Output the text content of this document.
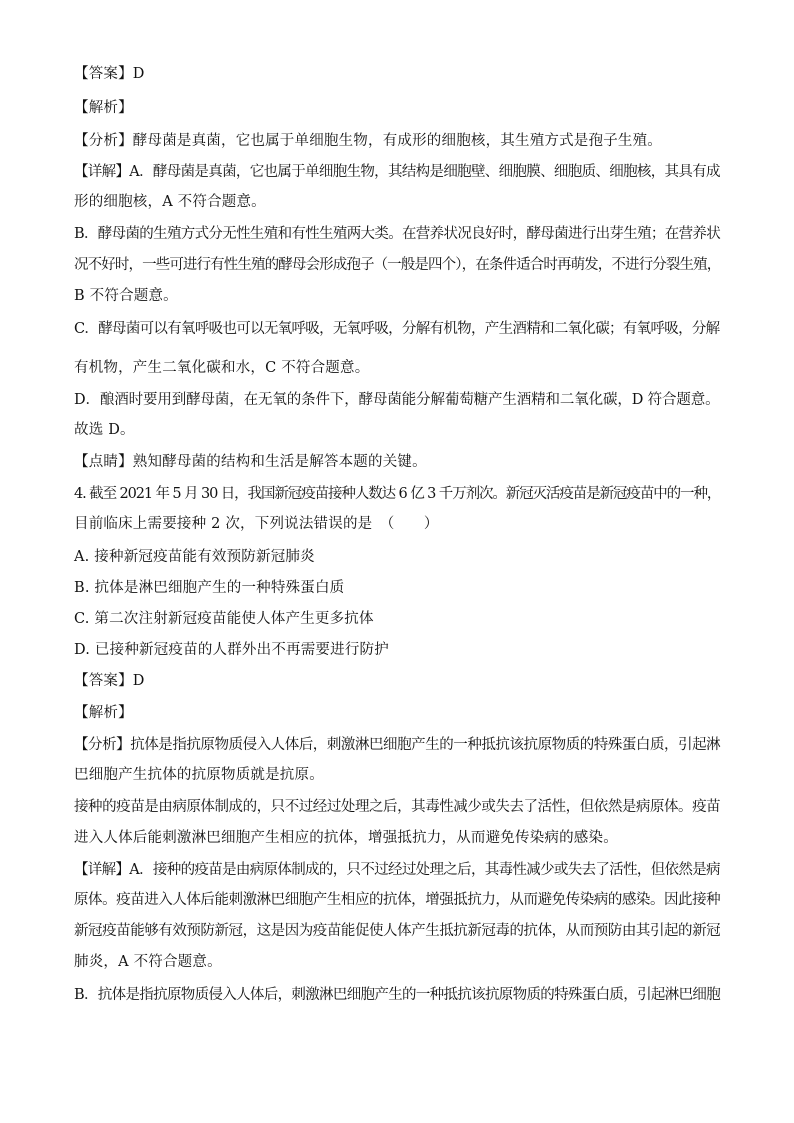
【答案】D
【解析】
【分析】酵母菌是真菌，它也属于单细胞生物，有成形的细胞核，其生殖方式是孢子生殖。
【详解】A．酵母菌是真菌，它也属于单细胞生物，其结构是细胞壁、细胞膜、细胞质、细胞核，其具有成
形的细胞核，A 不符合题意。
B．酵母菌的生殖方式分无性生殖和有性生殖两大类。在营养状况良好时，酵母菌进行出芽生殖；在营养状
况不好时，一些可进行有性生殖的酵母会形成孢子（一般是四个），在条件适合时再萌发，不进行分裂生殖，
B 不符合题意。
C．酵母菌可以有氧呼吸也可以无氧呼吸，无氧呼吸，分解有机物，产生酒精和二氧化碳；有氧呼吸，分解
有机物，产生二氧化碳和水，C 不符合题意。
D．酿酒时要用到酵母菌，在无氧的条件下，酵母菌能分解葡萄糖产生酒精和二氧化碳，D 符合题意。
故选 D。
【点睛】熟知酵母菌的结构和生活是解答本题的关键。
4. 截至 2021 年 5 月 30 日，我国新冠疫苗接种人数达 6 亿 3 千万剂次。新冠灭活疫苗是新冠疫苗中的一种，
目前临床上需要接种 2 次，下列说法错误的是　（　　）
A. 接种新冠疫苗能有效预防新冠肺炎
B. 抗体是淋巴细胞产生的一种特殊蛋白质
C. 第二次注射新冠疫苗能使人体产生更多抗体
D. 已接种新冠疫苗的人群外出不再需要进行防护
【答案】D
【解析】
【分析】抗体是指抗原物质侵入人体后，刺激淋巴细胞产生的一种抵抗该抗原物质的特殊蛋白质，引起淋
巴细胞产生抗体的抗原物质就是抗原。
接种的疫苗是由病原体制成的，只不过经过处理之后，其毒性减少或失去了活性，但依然是病原体。疫苗
进入人体后能刺激淋巴细胞产生相应的抗体，增强抵抗力，从而避免传染病的感染。
【详解】A．接种的疫苗是由病原体制成的，只不过经过处理之后，其毒性减少或失去了活性，但依然是病
原体。疫苗进入人体后能刺激淋巴细胞产生相应的抗体，增强抵抗力，从而避免传染病的感染。因此接种
新冠疫苗能够有效预防新冠，这是因为疫苗能促使人体产生抵抗新冠毒的抗体，从而预防由其引起的新冠
肺炎，A 不符合题意。
B．抗体是指抗原物质侵入人体后，刺激淋巴细胞产生的一种抵抗该抗原物质的特殊蛋白质，引起淋巴细胞
